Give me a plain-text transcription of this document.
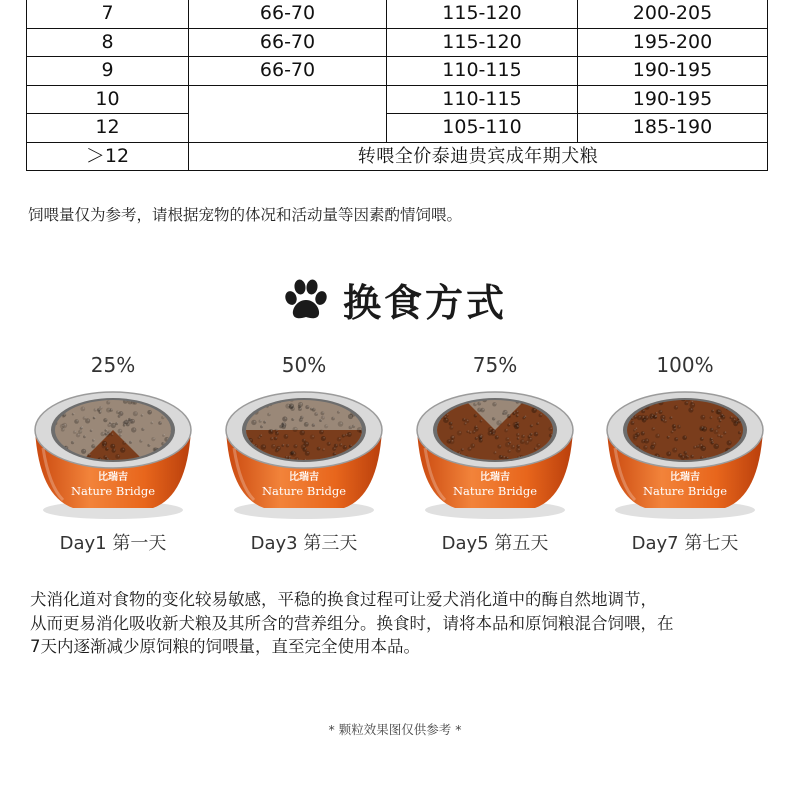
7	66-70	115-120	200-205
8	66-70	115-120	195-200
9	66-70	110-115	190-195
10		110-115	190-195
12		105-110	185-190
＞12	转喂全价泰迪贵宾成年期犬粮		
饲喂量仅为参考，请根据宠物的体况和活动量等因素酌情饲喂。
换食方式
25%
比瑞吉
Nature Bridge
Day1 第一天
50%
比瑞吉
Nature Bridge
Day3 第三天
75%
比瑞吉
Nature Bridge
Day5 第五天
100%
比瑞吉
Nature Bridge
Day7 第七天

犬消化道对食物的变化较易敏感，平稳的换食过程可让爱犬消化道中的酶自然地调节，

从而更易消化吸收新犬粮及其所含的营养组分。换食时，请将本品和原饲粮混合饲喂，在

7天内逐渐减少原饲粮的饲喂量，直至完全使用本品。

* 颗粒效果图仅供参考 *
